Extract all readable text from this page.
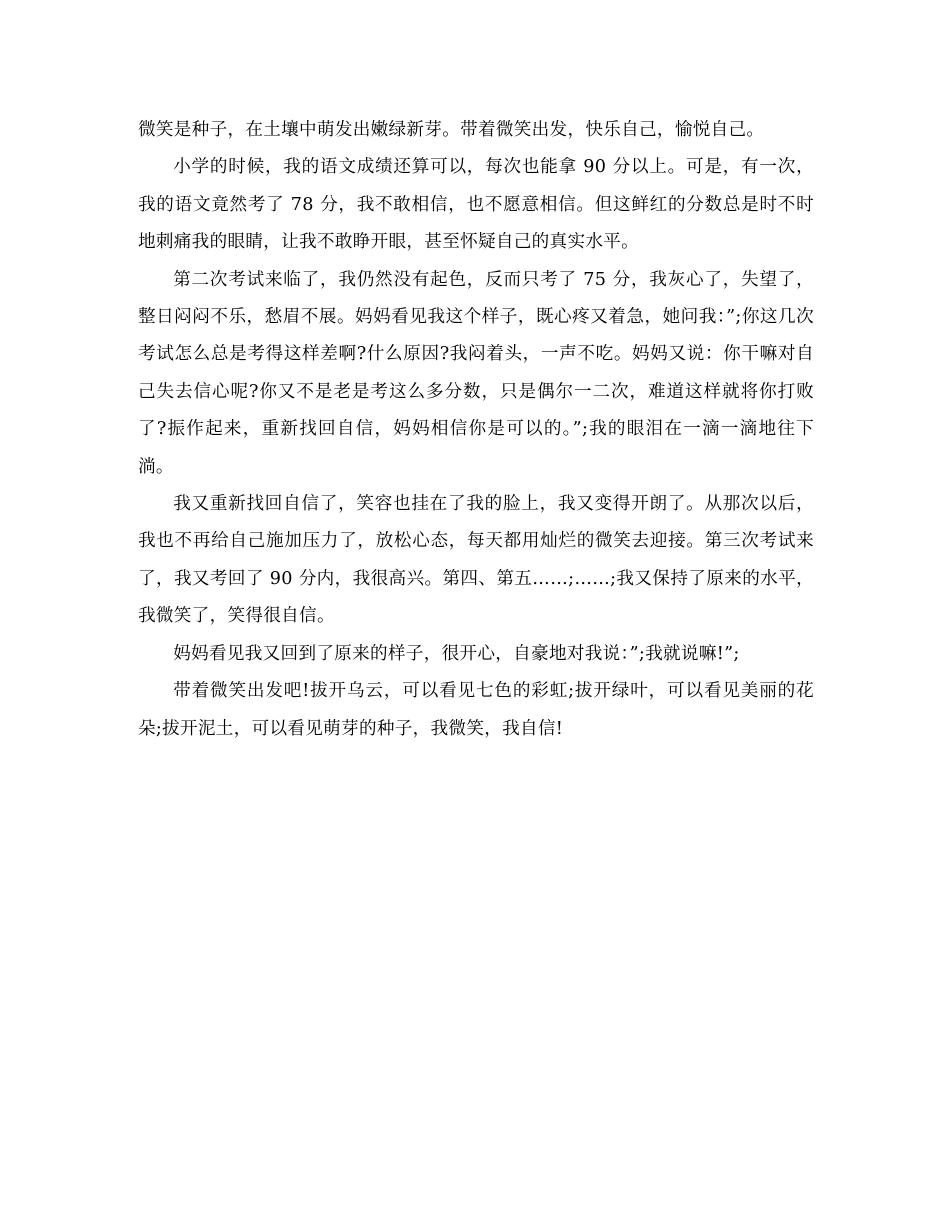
微笑是种子，在土壤中萌发出嫩绿新芽。带着微笑出发，快乐自己，愉悦自己。

小学的时候，我的语文成绩还算可以，每次也能拿 90 分以上。可是，有一次，我的语文竟然考了 78 分，我不敢相信，也不愿意相信。但这鲜红的分数总是时不时地刺痛我的眼睛，让我不敢睁开眼，甚至怀疑自己的真实水平。

第二次考试来临了，我仍然没有起色，反而只考了 75 分，我灰心了，失望了，整日闷闷不乐，愁眉不展。妈妈看见我这个样子，既心疼又着急，她问我：”;你这几次考试怎么总是考得这样差啊?什么原因?我闷着头，一声不吃。妈妈又说：你干嘛对自己失去信心呢?你又不是老是考这么多分数，只是偶尔一二次，难道这样就将你打败了?振作起来，重新找回自信，妈妈相信你是可以的。”;我的眼泪在一滴一滴地往下淌。

我又重新找回自信了，笑容也挂在了我的脸上，我又变得开朗了。从那次以后，我也不再给自己施加压力了，放松心态，每天都用灿烂的微笑去迎接。第三次考试来了，我又考回了 90 分内，我很高兴。第四、第五……;……;我又保持了原来的水平，我微笑了，笑得很自信。

妈妈看见我又回到了原来的样子，很开心，自豪地对我说：”;我就说嘛!”;

带着微笑出发吧!拔开乌云，可以看见七色的彩虹;拔开绿叶，可以看见美丽的花朵;拔开泥土，可以看见萌芽的种子，我微笑，我自信!
